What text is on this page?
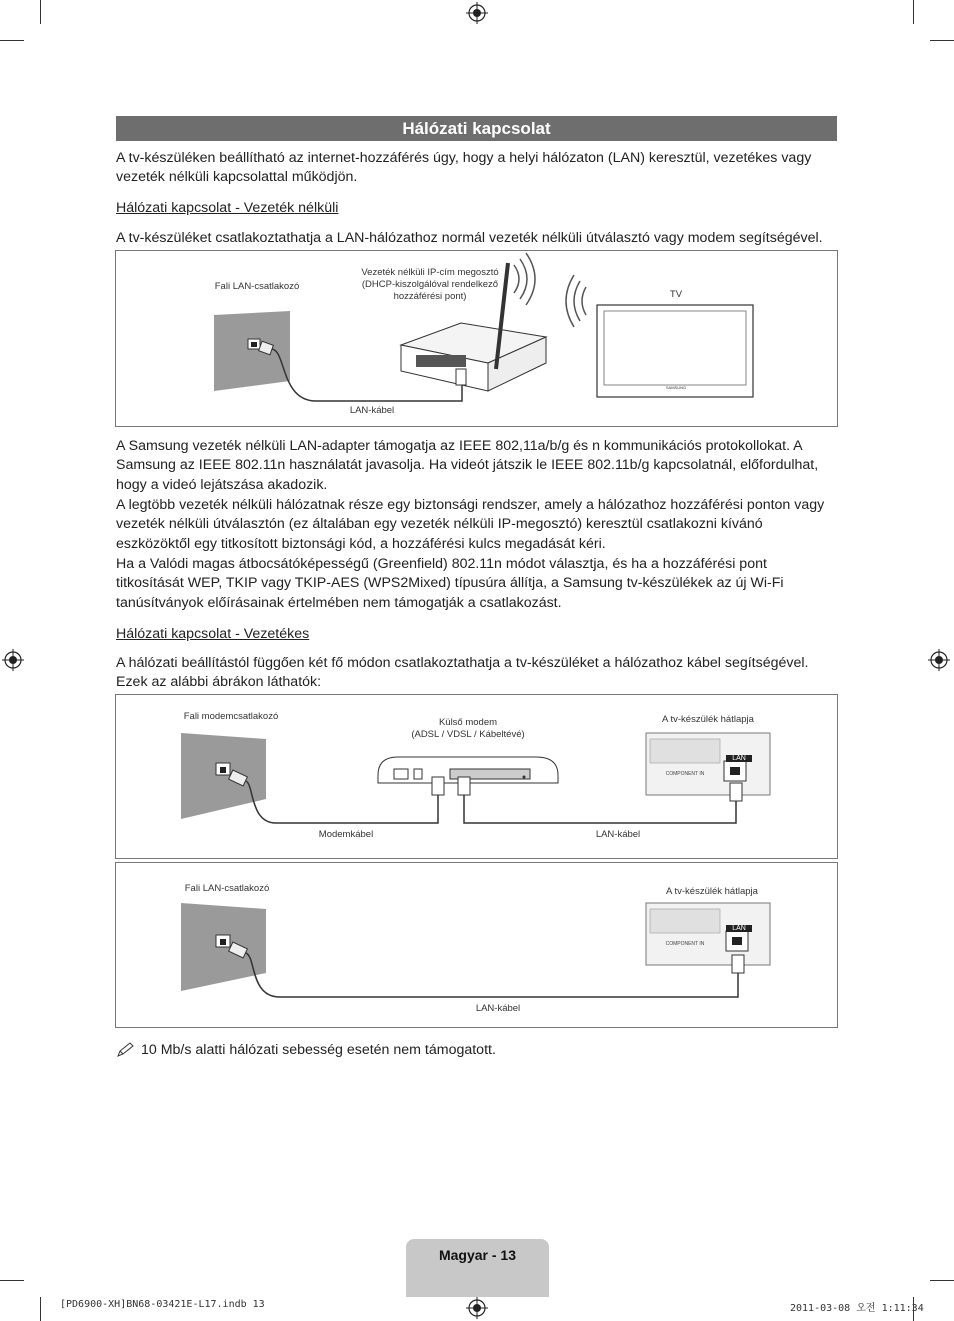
Hálózati kapcsolat

A tv-készüléken beállítható az internet-hozzáférés úgy, hogy a helyi hálózaton (LAN) keresztül, vezetékes vagy vezeték nélküli kapcsolattal működjön.

Hálózati kapcsolat - Vezeték nélküli

A tv-készüléket csatlakoztathatja a LAN-hálózathoz normál vezeték nélküli útválasztó vagy modem segítségével.

Fali LAN-csatlakozó
Vezeték nélküli IP-cím megosztó
(DHCP-kiszolgálóval rendelkező
hozzáférési pont)	TV
LAN-kábel
SAMSUNG

A Samsung vezeték nélküli LAN-adapter támogatja az IEEE 802,11a/b/g és n kommunikációs protokollokat. A Samsung az IEEE 802.11n használatát javasolja. Ha videót játszik le IEEE 802.11b/g kapcsolatnál, előfordulhat, hogy a videó lejátszása akadozik.

A legtöbb vezeték nélküli hálózatnak része egy biztonsági rendszer, amely a hálózathoz hozzáférési ponton vagy vezeték nélküli útválasztón (ez általában egy vezeték nélküli IP-megosztó) keresztül csatlakozni kívánó eszközöktől egy titkosított biztonsági kód, a hozzáférési kulcs megadását kéri.

Ha a Valódi magas átbocsátóképességű (Greenfield) 802.11n módot választja, és ha a hozzáférési pont titkosítását WEP, TKIP vagy TKIP-AES (WPS2Mixed) típusúra állítja, a Samsung tv-készülékek az új Wi-Fi tanúsítványok előírásainak értelmében nem támogatják a csatlakozást.

Hálózati kapcsolat - Vezetékes

A hálózati beállítástól függően két fő módon csatlakoztathatja a tv-készüléket a hálózathoz kábel segítségével. Ezek az alábbi ábrákon láthatók:

Fali modemcsatlakozó
Külső modem
(ADSL / VDSL / Kábeltévé)
A tv-készülék hátlapja
LAN
COMPONENT IN
Modemkábel	LAN-kábel
Fali LAN-csatlakozó	A tv-készülék hátlapja
LAN
COMPONENT IN
LAN-kábel
10 Mb/s alatti hálózati sebesség esetén nem támogatott.
Magyar - 13
[PD6900-XH]BN68-03421E-L17.indb 13	2011-03-08 오전 1:11:34
